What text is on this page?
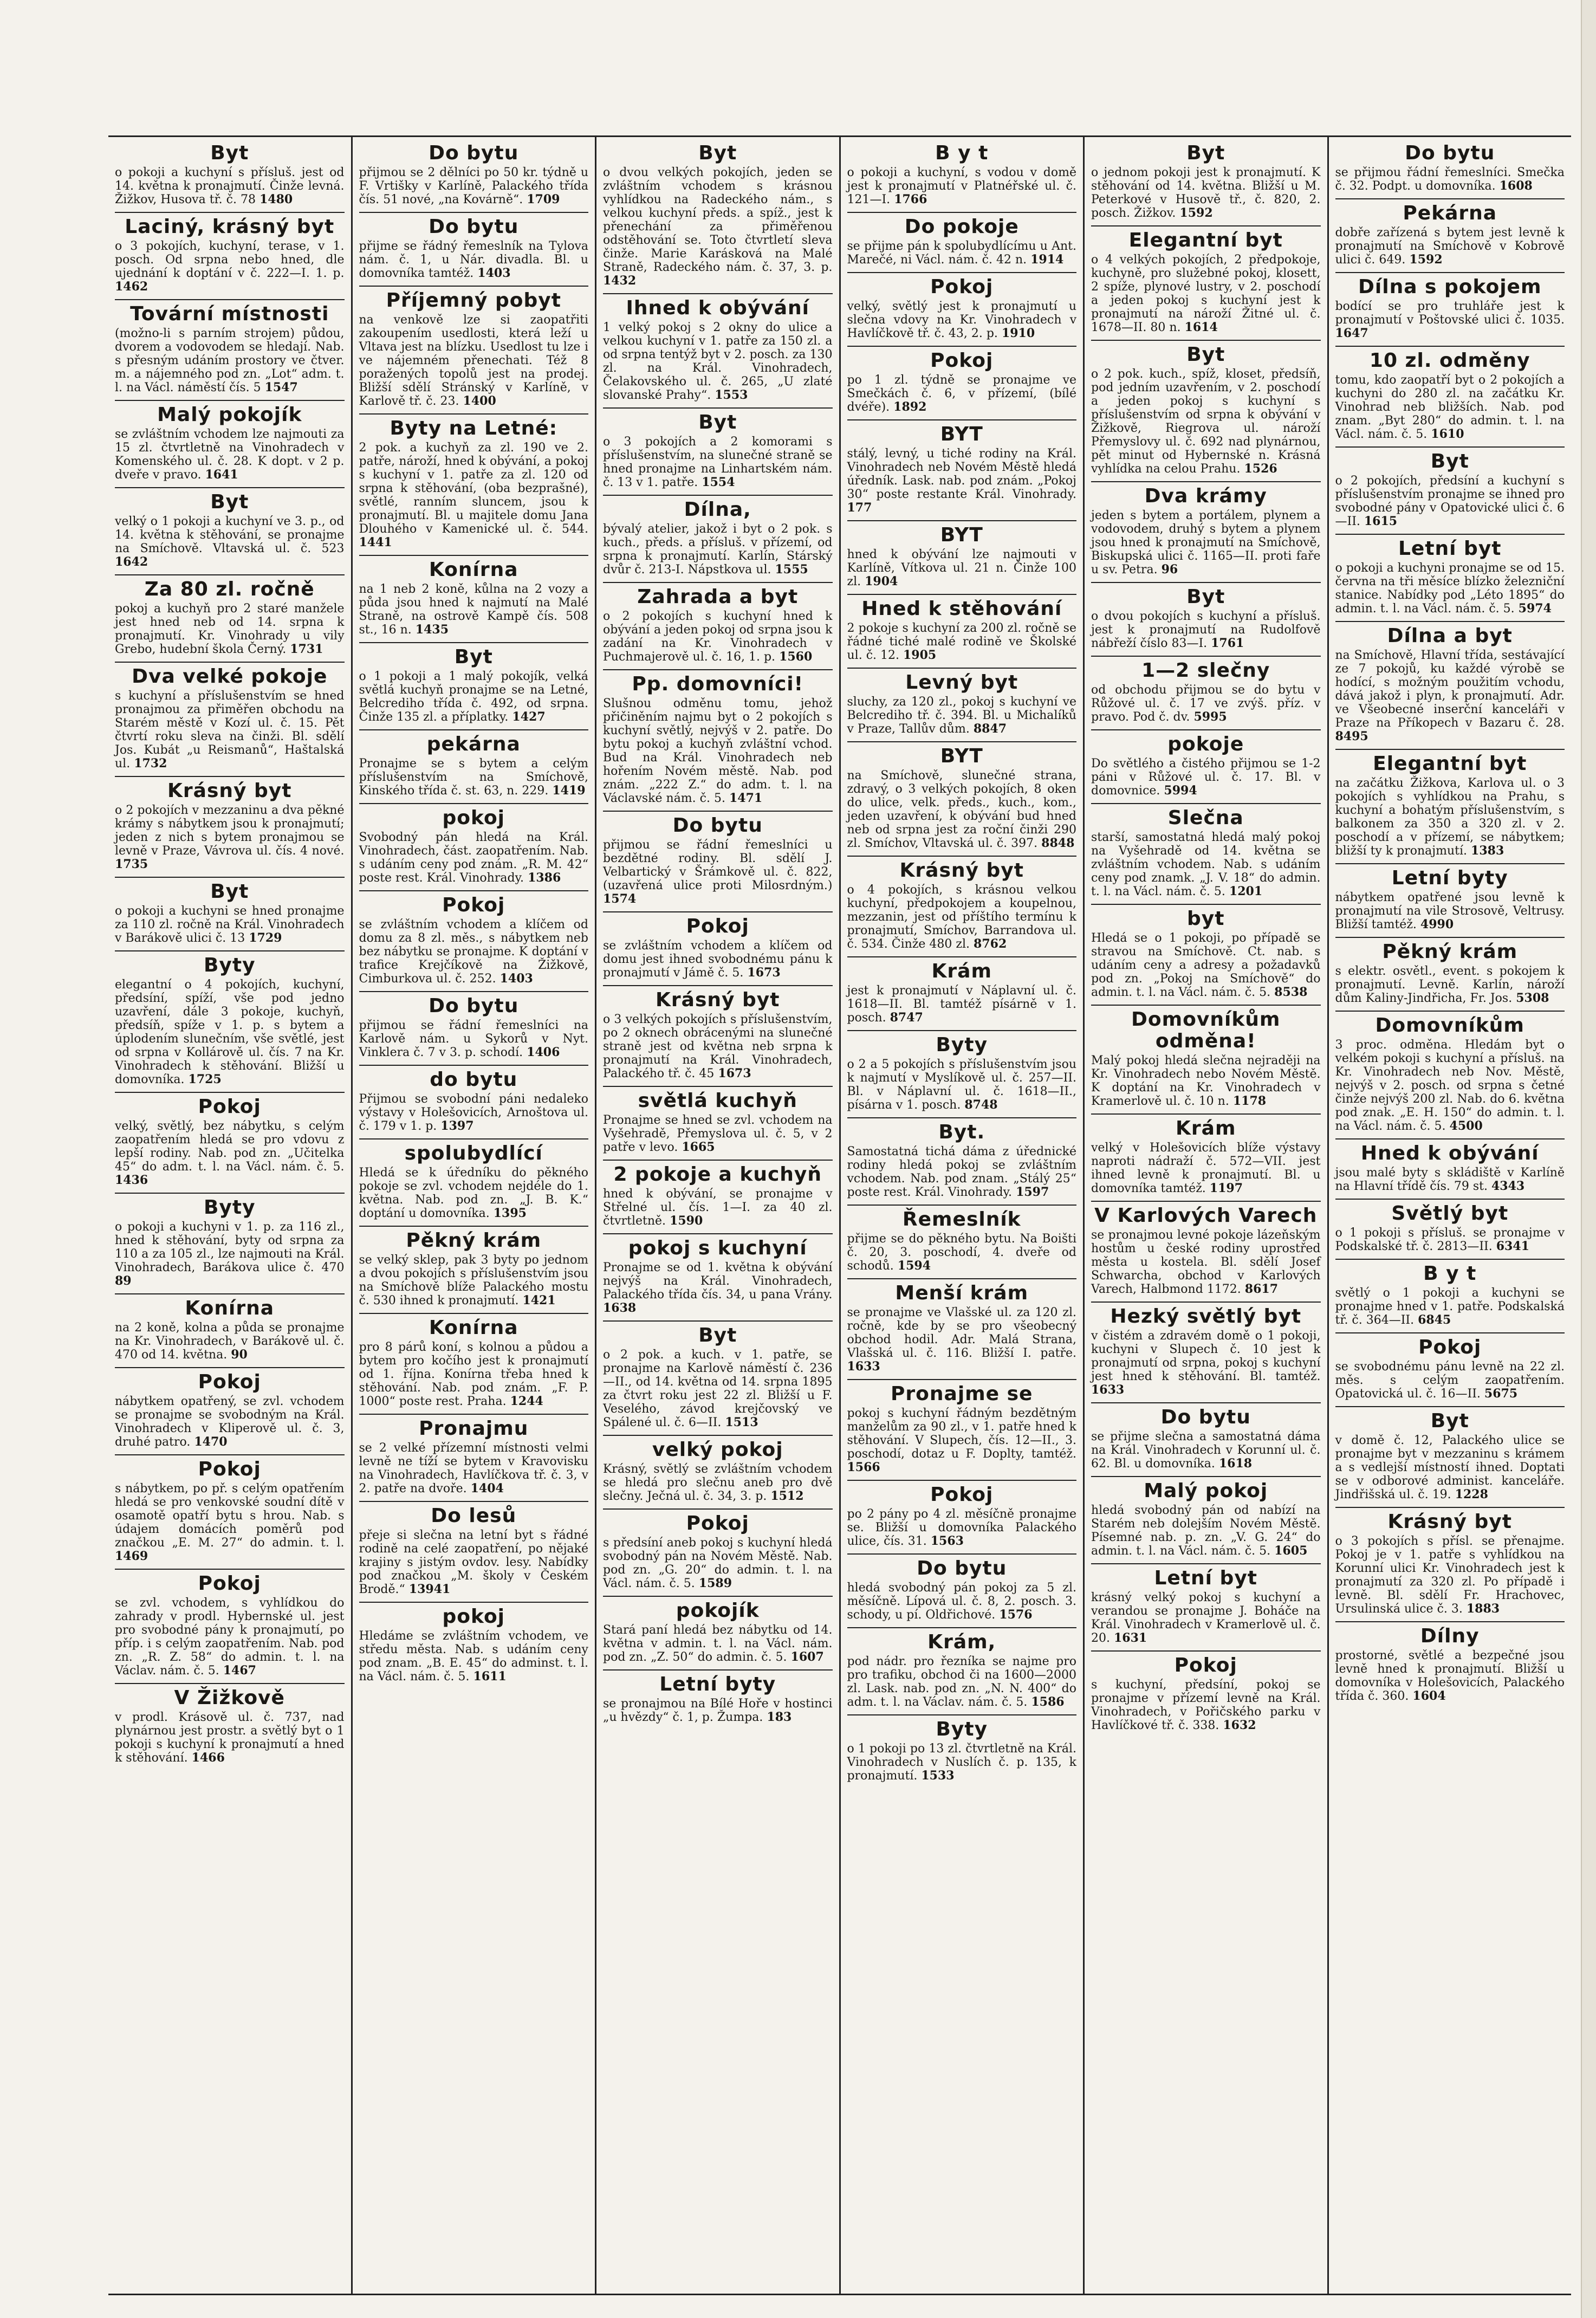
Byt

o pokoji a kuchyní s přísluš. jest od 14. května k pronajmutí. Činže levná. Žižkov, Husova tř. č. 78 1480

Laciný, krásný byt

o 3 pokojích, kuchyní, terase, v 1. posch. Od srpna nebo hned, dle ujednání k doptání v č. 222—I. 1. p. 1462

Tovární místnosti

(možno-li s parním strojem) půdou, dvorem a vodovodem se hledají. Nab. s přesným udáním prostory ve čtver. m. a nájemného pod zn. „Lot“ adm. t. l. na Václ. náměstí čís. 5 1547

Malý pokojík

se zvláštním vchodem lze najmouti za 15 zl. čtvrtletně na Vinohradech v Komenského ul. č. 28. K dopt. v 2 p. dveře v pravo. 1641

Byt

velký o 1 pokoji a kuchyní ve 3. p., od 14. května k stěhování, se pronajme na Smíchově. Vltavská ul. č. 523 1642

Za 80 zl. ročně

pokoj a kuchyň pro 2 staré manžele jest hned neb od 14. srpna k pronajmutí. Kr. Vinohrady u vily Grebo, hudební škola Černý. 1731

Dva velké pokoje

s kuchyní a příslušenstvím se hned pronajmou za přiměřen obchodu na Starém městě v Kozí ul. č. 15. Pět čtvrtí roku sleva na činži. Bl. sdělí Jos. Kubát „u Reismanů“, Haštalská ul. 1732

Krásný byt

o 2 pokojích v mezzaninu a dva pěkné krámy s nábytkem jsou k pronajmutí; jeden z nich s bytem pronajmou se levně v Praze, Vávrova ul. čís. 4 nové. 1735

Byt

o pokoji a kuchyni se hned pronajme za 110 zl. ročně na Král. Vinohradech v Barákově ulici č. 13 1729

Byty

elegantní o 4 pokojích, kuchyní, předsíní, spíží, vše pod jedno uzavření, dále 3 pokoje, kuchyň, předsíň, spíže v 1. p. s bytem a úplodením slunečním, vše světlé, jest od srpna v Kollárově ul. čís. 7 na Kr. Vinohradech k stěhování. Bližší u domovníka. 1725

Pokoj

velký, světlý, bez nábytku, s celým zaopatřením hledá se pro vdovu z lepší rodiny. Nab. pod zn. „Učitelka 45“ do adm. t. l. na Václ. nám. č. 5. 1436

Byty

o pokoji a kuchyni v 1. p. za 116 zl., hned k stěhování, byty od srpna za 110 a za 105 zl., lze najmouti na Král. Vinohradech, Barákova ulice č. 470 89

Konírna

na 2 koně, kolna a půda se pronajme na Kr. Vinohradech, v Barákově ul. č. 470 od 14. května. 90

Pokoj

nábytkem opatřený, se zvl. vchodem se pronajme se svobodným na Král. Vinohradech v Kliperově ul. č. 3, druhé patro. 1470

Pokoj

s nábytkem, po př. s celým opatřením hledá se pro venkovské soudní dítě v osamotě opatří bytu s hrou. Nab. s údajem domácích poměrů pod značkou „E. M. 27“ do admin. t. l. 1469

Pokoj

se zvl. vchodem, s vyhlídkou do zahrady v prodl. Hybernské ul. jest pro svobodné pány k pronajmutí, po příp. i s celým zaopatřením. Nab. pod zn. „R. Z. 58“ do admin. t. l. na Václav. nám. č. 5. 1467

V Žižkově

v prodl. Krásově ul. č. 737, nad plynárnou jest prostr. a světlý byt o 1 pokoji s kuchyní k pronajmutí a hned k stěhování. 1466

Do bytu

přijmou se 2 dělníci po 50 kr. týdně u F. Vrtišky v Karlíně, Palackého třída čís. 51 nové, „na Kovárně“. 1709

Do bytu

přijme se řádný řemeslník na Tylova nám. č. 1, u Nár. divadla. Bl. u domovníka tamtéž. 1403

Příjemný pobyt

na venkově lze si zaopatřiti zakoupením usedlosti, která leží u Vltava jest na blízku. Usedlost tu lze i ve nájemném přenechati. Též 8 poražených topolů jest na prodej. Bližší sdělí Stránský v Karlíně, v Karlově tř. č. 23. 1400

Byty na Letné:

2 pok. a kuchyň za zl. 190 ve 2. patře, nároží, hned k obývání, a pokoj s kuchyní v 1. patře za zl. 120 od srpna k stěhování, (oba bezprašné), světlé, ranním sluncem, jsou k pronajmutí. Bl. u majitele domu Jana Dlouhého v Kamenické ul. č. 544. 1441

Konírna

na 1 neb 2 koně, kůlna na 2 vozy a půda jsou hned k najmutí na Malé Straně, na ostrově Kampě čís. 508 st., 16 n. 1435

Byt

o 1 pokoji a 1 malý pokojík, velká světlá kuchyň pronajme se na Letné, Belcrediho třída č. 492, od srpna. Činže 135 zl. a příplatky. 1427

pekárna

Pronajme se s bytem a celým příslušenstvím na Smíchově, Kinského třída č. st. 63, n. 229. 1419

pokoj

Svobodný pán hledá na Král. Vinohradech, část. zaopatřením. Nab. s udáním ceny pod znám. „R. M. 42“ poste rest. Král. Vinohrady. 1386

Pokoj

se zvláštním vchodem a klíčem od domu za 8 zl. měs., s nábytkem neb bez nábytku se pronajme. K doptání v trafice Krejčíkově na Žižkově, Cimburkova ul. č. 252. 1403

Do bytu

přijmou se řádní řemeslníci na Karlově nám. u Sykorů v Nyt. Vinklera č. 7 v 3. p. schodí. 1406

do bytu

Přijmou se svobodní páni nedaleko výstavy v Holešovicích, Arnoštova ul. č. 179 v 1. p. 1397

spolubydlící

Hledá se k úředníku do pěkného pokoje se zvl. vchodem nejdéle do 1. května. Nab. pod zn. „J. B. K.“ doptání u domovníka. 1395

Pěkný krám

se velký sklep, pak 3 byty po jednom a dvou pokojích s příslušenstvím jsou na Smíchově blíže Palackého mostu č. 530 ihned k pronajmutí. 1421

Konírna

pro 8 párů koní, s kolnou a půdou a bytem pro kočího jest k pronajmutí od 1. října. Konírna třeba hned k stěhování. Nab. pod znám. „F. P. 1000“ poste rest. Praha. 1244

Pronajmu

se 2 velké přízemní místnosti velmi levně ne tíží se bytem v Kravovisku na Vinohradech, Havlíčkova tř. č. 3, v 2. patře na dvoře. 1404

Do lesů

přeje si slečna na letní byt s řádné rodině na celé zaopatření, po nějaké krajiny s jistým ovdov. lesy. Nabídky pod značkou „M. školy v Českém Brodě.“ 13941

pokoj

Hledáme se zvláštním vchodem, ve středu města. Nab. s udáním ceny pod znam. „B. E. 45“ do adminst. t. l. na Václ. nám. č. 5. 1611

Byt

o dvou velkých pokojích, jeden se zvláštním vchodem s krásnou vyhlídkou na Radeckého nám., s velkou kuchyní předs. a spíž., jest k přenechání za přiměřenou odstěhování se. Toto čtvrtletí sleva činže. Marie Karásková na Malé Straně, Radeckého nám. č. 37, 3. p. 1432

Ihned k obývání

1 velký pokoj s 2 okny do ulice a velkou kuchyní v 1. patře za 150 zl. a od srpna tentýž byt v 2. posch. za 130 zl. na Král. Vinohradech, Čelakovského ul. č. 265, „U zlaté slovanské Prahy“. 1553

Byt

o 3 pokojích a 2 komorami s příslušenstvím, na slunečné straně se hned pronajme na Linhartském nám. č. 13 v 1. patře. 1554

Dílna,

bývalý atelier, jakož i byt o 2 pok. s kuch., předs. a přísluš. v přízemí, od srpna k pronajmutí. Karlín, Stárský dvůr č. 213-I. Nápstkova ul. 1555

Zahrada a byt

o 2 pokojích s kuchyní hned k obývání a jeden pokoj od srpna jsou k zadání na Kr. Vinohradech v Puchmajerově ul. č. 16, 1. p. 1560

Pp. domovníci!

Slušnou odměnu tomu, jehož přičiněním najmu byt o 2 pokojích s kuchyní světlý, nejvýš v 2. patře. Do bytu pokoj a kuchyň zvláštní vchod. Bud na Král. Vinohradech neb hořením Novém městě. Nab. pod znám. „222 Z.“ do adm. t. l. na Václavské nám. č. 5. 1471

Do bytu

přijmou se řádní řemeslníci u bezdětné rodiny. Bl. sdělí J. Velbartický v Šrámkově ul. č. 822, (uzavřená ulice proti Milosrdným.) 1574

Pokoj

se zvláštním vchodem a klíčem od domu jest ihned svobodnému pánu k pronajmutí v Jámě č. 5. 1673

Krásný byt

o 3 velkých pokojích s příslušenstvím, po 2 oknech obrácenými na slunečné straně jest od května neb srpna k pronajmutí na Král. Vinohradech, Palackého tř. č. 45 1673

světlá kuchyň

Pronajme se hned se zvl. vchodem na Vyšehradě, Přemyslova ul. č. 5, v 2 patře v levo. 1665

2 pokoje a kuchyň

hned k obývání, se pronajme v Střelné ul. čís. 1—I. za 40 zl. čtvrtletně. 1590

pokoj s kuchyní

Pronajme se od 1. května k obývání nejvýš na Král. Vinohradech, Palackého třída čís. 34, u pana Vrány. 1638

Byt

o 2 pok. a kuch. v 1. patře, se pronajme na Karlově náměstí č. 236—II., od 14. května od 14. srpna 1895 za čtvrt roku jest 22 zl. Bližší u F. Veselého, závod krejčovský ve Spálené ul. č. 6—II. 1513

velký pokoj

Krásný, světlý se zvláštním vchodem se hledá pro slečnu aneb pro dvě slečny. Ječná ul. č. 34, 3. p. 1512

Pokoj

s předsíní aneb pokoj s kuchyní hledá svobodný pán na Novém Městě. Nab. pod zn. „G. 20“ do admin. t. l. na Václ. nám. č. 5. 1589

pokojík

Stará paní hledá bez nábytku od 14. května v admin. t. l. na Václ. nám. pod zn. „Z. 50“ do admin. č. 5. 1607

Letní byty

se pronajmou na Bílé Hoře v hostinci „u hvězdy“ č. 1, p. Žumpa. 183

B y t

o pokoji a kuchyní, s vodou v domě jest k pronajmutí v Platnéřské ul. č. 121—I. 1766

Do pokoje

se přijme pán k spolubydlícímu u Ant. Marečé, ni Václ. nám. č. 42 n. 1914

Pokoj

velký, světlý jest k pronajmutí u slečna vdovy na Kr. Vinohradech v Havlíčkově tř. č. 43, 2. p. 1910

Pokoj

po 1 zl. týdně se pronajme ve Smečkách č. 6, v přízemí, (bílé dvéře). 1892

BYT

stálý, levný, u tiché rodiny na Král. Vinohradech neb Novém Městě hledá úředník. Lask. nab. pod znám. „Pokoj 30“ poste restante Král. Vinohrady. 177

BYT

hned k obývání lze najmouti v Karlíně, Vítkova ul. 21 n. Činže 100 zl. 1904

Hned k stěhování

2 pokoje s kuchyní za 200 zl. ročně se řádné tiché malé rodině ve Školské ul. č. 12. 1905

Levný byt

sluchy, za 120 zl., pokoj s kuchyní ve Belcrediho tř. č. 394. Bl. u Michalíků v Praze, Tallův dům. 8847

BYT

na Smíchově, slunečné strana, zdravý, o 3 velkých pokojích, 8 oken do ulice, velk. předs., kuch., kom., jeden uzavření, k obývání bud hned neb od srpna jest za roční činži 290 zl. Smíchov, Vltavská ul. č. 397. 8848

Krásný byt

o 4 pokojích, s krásnou velkou kuchyní, předpokojem a koupelnou, mezzanin, jest od příštího termínu k pronajmutí, Smíchov, Barrandova ul. č. 534. Činže 480 zl. 8762

Krám

jest k pronajmutí v Náplavní ul. č. 1618—II. Bl. tamtéž písárně v 1. posch. 8747

Byty

o 2 a 5 pokojích s příslušenstvím jsou k najmutí v Myslíkově ul. č. 257—II. Bl. v Náplavní ul. č. 1618—II., písárna v 1. posch. 8748

Byt.

Samostatná tichá dáma z úřednické rodiny hledá pokoj se zvláštním vchodem. Nab. pod znam. „Stálý 25“ poste rest. Král. Vinohrady. 1597

Řemeslník

přijme se do pěkného bytu. Na Boišti č. 20, 3. poschodí, 4. dveře od schodů. 1594

Menší krám

se pronajme ve Vlašské ul. za 120 zl. ročně, kde by se pro všeobecný obchod hodil. Adr. Malá Strana, Vlašská ul. č. 116. Bližší I. patře. 1633

Pronajme se

pokoj s kuchyní řádným bezdětným manželům za 90 zl., v 1. patře hned k stěhování. V Slupech, čís. 12—II., 3. poschodí, dotaz u F. Doplty, tamtéž. 1566

Pokoj

po 2 pány po 4 zl. měsíčně pronajme se. Bližší u domovníka Palackého ulice, čís. 31. 1563

Do bytu

hledá svobodný pán pokoj za 5 zl. měsíčně. Lípová ul. č. 8, 2. posch. 3. schody, u pí. Oldřichové. 1576

Krám,

pod nádr. pro řezníka se najme pro pro trafiku, obchod či na 1600—2000 zl. Lask. nab. pod zn. „N. N. 400“ do adm. t. l. na Václav. nám. č. 5. 1586

Byty

o 1 pokoji po 13 zl. čtvrtletně na Král. Vinohradech v Nuslích č. p. 135, k pronajmutí. 1533

Byt

o jednom pokoji jest k pronajmutí. K stěhování od 14. května. Bližší u M. Peterkové v Husově tř., č. 820, 2. posch. Žižkov. 1592

Elegantní byt

o 4 velkých pokojích, 2 předpokoje, kuchyně, pro služebné pokoj, klosett, 2 spíže, plynové lustry, v 2. poschodí a jeden pokoj s kuchyní jest k pronajmutí na nároží Žitné ul. č. 1678—II. 80 n. 1614

Byt

o 2 pok. kuch., spíž, kloset, předsíň, pod jedním uzavřením, v 2. poschodí a jeden pokoj s kuchyní s příslušenstvím od srpna k obývání v Žižkově, Riegrova ul. nároží Přemyslovy ul. č. 692 nad plynárnou, pět minut od Hybernské n. Krásná vyhlídka na celou Prahu. 1526

Dva krámy

jeden s bytem a portálem, plynem a vodovodem, druhý s bytem a plynem jsou hned k pronajmutí na Smíchově, Biskupská ulici č. 1165—II. proti faře u sv. Petra. 96

Byt

o dvou pokojích s kuchyní a přísluš. jest k pronajmutí na Rudolfově nábřeží číslo 83—I. 1761

1—2 slečny

od obchodu přijmou se do bytu v Růžové ul. č. 17 ve zvýš. příz. v pravo. Pod č. dv. 5995

pokoje

Do světlého a čistého přijmou se 1-2 páni v Růžové ul. č. 17. Bl. v domovnice. 5994

Slečna

starší, samostatná hledá malý pokoj na Vyšehradě od 14. května se zvláštním vchodem. Nab. s udáním ceny pod znamk. „J. V. 18“ do admin. t. l. na Václ. nám. č. 5. 1201

byt

Hledá se o 1 pokoji, po případě se stravou na Smíchově. Ct. nab. s udáním ceny a adresy a požadavků pod zn. „Pokoj na Smíchově“ do admin. t. l. na Václ. nám. č. 5. 8538

Domovníkům odměna!

Malý pokoj hledá slečna nejraději na Kr. Vinohradech nebo Novém Městě. K doptání na Kr. Vinohradech v Kramerlově ul. č. 10 n. 1178

Krám

velký v Holešovicích blíže výstavy naproti nádraží č. 572—VII. jest ihned levně k pronajmutí. Bl. u domovníka tamtéž. 1197

V Karlových Varech

se pronajmou levné pokoje lázeňským hostům u české rodiny uprostřed města u kostela. Bl. sdělí Josef Schwarcha, obchod v Karlových Varech, Halbmond 1172. 8617

Hezký světlý byt

v čistém a zdravém domě o 1 pokoji, kuchyni v Slupech č. 10 jest k pronajmutí od srpna, pokoj s kuchyní jest hned k stěhování. Bl. tamtéž. 1633

Do bytu

se přijme slečna a samostatná dáma na Král. Vinohradech v Korunní ul. č. 62. Bl. u domovníka. 1618

Malý pokoj

hledá svobodný pán od nabízí na Starém neb dolejším Novém Městě. Písemné nab. p. zn. „V. G. 24“ do admin. t. l. na Václ. nám. č. 5. 1605

Letní byt

krásný velký pokoj s kuchyní a verandou se pronajme J. Boháče na Král. Vinohradech v Kramerlově ul. č. 20. 1631

Pokoj

s kuchyní, předsíní, pokoj se pronajme v přízemí levně na Král. Vinohradech, v Pořičského parku v Havlíčkové tř. č. 338. 1632

Do bytu

se přijmou řádní řemeslníci. Smečka č. 32. Podpt. u domovníka. 1608

Pekárna

dobře zařízená s bytem jest levně k pronajmutí na Smíchově v Kobrově ulici č. 649. 1592

Dílna s pokojem

bodící se pro truhláře jest k pronajmutí v Poštovské ulici č. 1035. 1647

10 zl. odměny

tomu, kdo zaopatří byt o 2 pokojích a kuchyni do 280 zl. na začátku Kr. Vinohrad neb bližších. Nab. pod znam. „Byt 280“ do admin. t. l. na Václ. nám. č. 5. 1610

Byt

o 2 pokojích, předsíní a kuchyní s příslušenstvím pronajme se ihned pro svobodné pány v Opatovické ulici č. 6 —II. 1615

Letní byt

o pokoji a kuchyni pronajme se od 15. června na tři měsíce blízko železniční stanice. Nabídky pod „Léto 1895“ do admin. t. l. na Václ. nám. č. 5. 5974

Dílna a byt

na Smíchově, Hlavní třída, sestávající ze 7 pokojů, ku každé výrobě se hodící, s možným použitím vchodu, dává jakož i plyn, k pronajmutí. Adr. ve Všeobecné inserční kanceláři v Praze na Příkopech v Bazaru č. 28. 8495

Elegantní byt

na začátku Žižkova, Karlova ul. o 3 pokojích s vyhlídkou na Prahu, s kuchyní a bohatým příslušenstvím, s balkonem za 350 a 320 zl. v 2. poschodí a v přízemí, se nábytkem; bližší ty k pronajmutí. 1383

Letní byty

nábytkem opatřené jsou levně k pronajmutí na vile Strosově, Veltrusy. Bližší tamtéž. 4990

Pěkný krám

s elektr. osvětl., event. s pokojem k pronajmutí. Levně. Karlín, nároží dům Kaliny-Jindřicha, Fr. Jos. 5308

Domovníkům

3 proc. odměna. Hledám byt o velkém pokoji s kuchyní a přísluš. na Kr. Vinohradech neb Nov. Městě, nejvýš v 2. posch. od srpna s četné činže nejvýš 200 zl. Nab. do 6. května pod znak. „E. H. 150“ do admin. t. l. na Václ. nám. č. 5. 4500

Hned k obývání

jsou malé byty s skládiště v Karlíně na Hlavní třídě čís. 79 st. 4343

Světlý byt

o 1 pokoji s přísluš. se pronajme v Podskalské tř. č. 2813—II. 6341

B y t

světlý o 1 pokoji a kuchyni se pronajme hned v 1. patře. Podskalská tř. č. 364—II. 6845

Pokoj

se svobodnému pánu levně na 22 zl. měs. s celým zaopatřením. Opatovická ul. č. 16—II. 5675

Byt

v domě č. 12, Palackého ulice se pronajme byt v mezzaninu s krámem a s vedlejší místností ihned. Doptati se v odborové administ. kanceláře. Jindřišská ul. č. 19. 1228

Krásný byt

o 3 pokojích s přísl. se přenajme. Pokoj je v 1. patře s vyhlídkou na Korunní ulici Kr. Vinohradech jest k pronajmutí za 320 zl. Po případě i levně. Bl. sdělí Fr. Hrachovec, Ursulinská ulice č. 3. 1883

Dílny

prostorné, světlé a bezpečné jsou levně hned k pronajmutí. Bližší u domovníka v Holešovicích, Palackého třída č. 360. 1604
